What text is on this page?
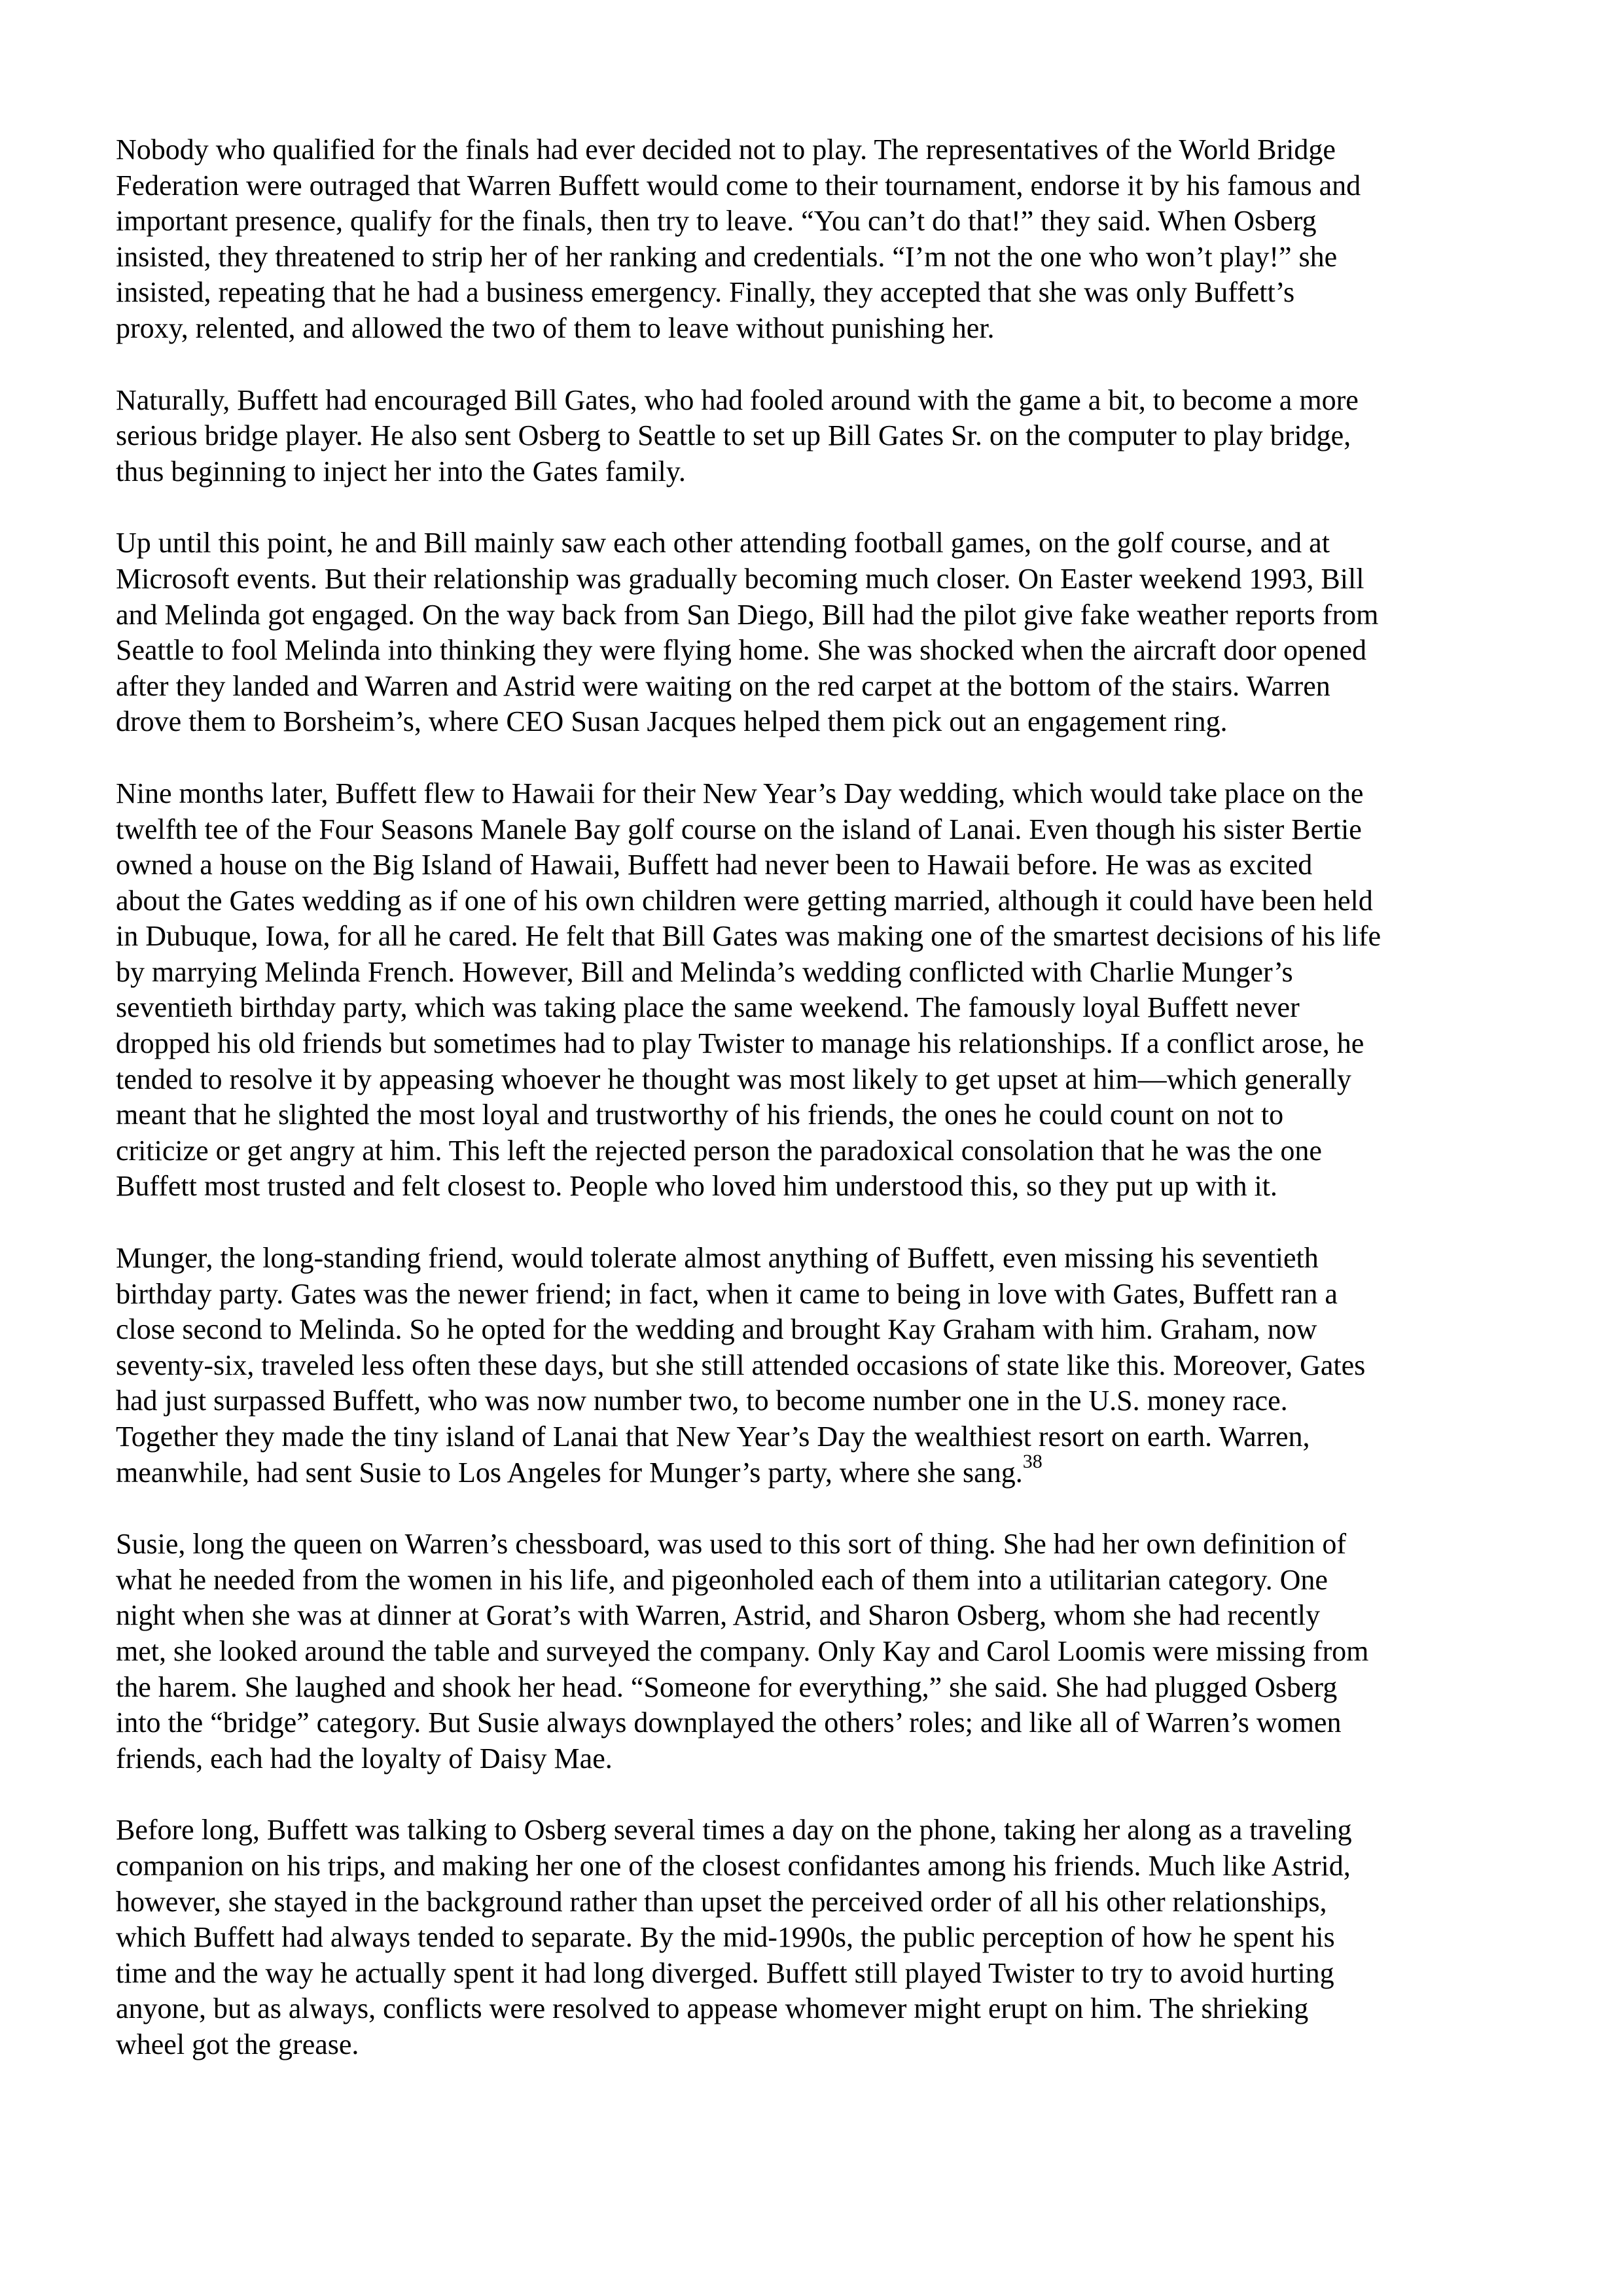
Nobody who qualified for the finals had ever decided not to play. The representatives of the World Bridge
Federation were outraged that Warren Buffett would come to their tournament, endorse it by his famous and
important presence, qualify for the finals, then try to leave. “You can’t do that!” they said. When Osberg
insisted, they threatened to strip her of her ranking and credentials. “I’m not the one who won’t play!” she
insisted, repeating that he had a business emergency. Finally, they accepted that she was only Buffett’s
proxy, relented, and allowed the two of them to leave without punishing her.
Naturally, Buffett had encouraged Bill Gates, who had fooled around with the game a bit, to become a more
serious bridge player. He also sent Osberg to Seattle to set up Bill Gates Sr. on the computer to play bridge,
thus beginning to inject her into the Gates family.
Up until this point, he and Bill mainly saw each other attending football games, on the golf course, and at
Microsoft events. But their relationship was gradually becoming much closer. On Easter weekend 1993, Bill
and Melinda got engaged. On the way back from San Diego, Bill had the pilot give fake weather reports from
Seattle to fool Melinda into thinking they were flying home. She was shocked when the aircraft door opened
after they landed and Warren and Astrid were waiting on the red carpet at the bottom of the stairs. Warren
drove them to Borsheim’s, where CEO Susan Jacques helped them pick out an engagement ring.
Nine months later, Buffett flew to Hawaii for their New Year’s Day wedding, which would take place on the
twelfth tee of the Four Seasons Manele Bay golf course on the island of Lanai. Even though his sister Bertie
owned a house on the Big Island of Hawaii, Buffett had never been to Hawaii before. He was as excited
about the Gates wedding as if one of his own children were getting married, although it could have been held
in Dubuque, Iowa, for all he cared. He felt that Bill Gates was making one of the smartest decisions of his life
by marrying Melinda French. However, Bill and Melinda’s wedding conflicted with Charlie Munger’s
seventieth birthday party, which was taking place the same weekend. The famously loyal Buffett never
dropped his old friends but sometimes had to play Twister to manage his relationships. If a conflict arose, he
tended to resolve it by appeasing whoever he thought was most likely to get upset at him—which generally
meant that he slighted the most loyal and trustworthy of his friends, the ones he could count on not to
criticize or get angry at him. This left the rejected person the paradoxical consolation that he was the one
Buffett most trusted and felt closest to. People who loved him understood this, so they put up with it.
Munger, the long-standing friend, would tolerate almost anything of Buffett, even missing his seventieth
birthday party. Gates was the newer friend; in fact, when it came to being in love with Gates, Buffett ran a
close second to Melinda. So he opted for the wedding and brought Kay Graham with him. Graham, now
seventy-six, traveled less often these days, but she still attended occasions of state like this. Moreover, Gates
had just surpassed Buffett, who was now number two, to become number one in the U.S. money race.
Together they made the tiny island of Lanai that New Year’s Day the wealthiest resort on earth. Warren,
meanwhile, had sent Susie to Los Angeles for Munger’s party, where she sang.$^{38}$
Susie, long the queen on Warren’s chessboard, was used to this sort of thing. She had her own definition of
what he needed from the women in his life, and pigeonholed each of them into a utilitarian category. One
night when she was at dinner at Gorat’s with Warren, Astrid, and Sharon Osberg, whom she had recently
met, she looked around the table and surveyed the company. Only Kay and Carol Loomis were missing from
the harem. She laughed and shook her head. “Someone for everything,” she said. She had plugged Osberg
into the “bridge” category. But Susie always downplayed the others’ roles; and like all of Warren’s women
friends, each had the loyalty of Daisy Mae.
Before long, Buffett was talking to Osberg several times a day on the phone, taking her along as a traveling
companion on his trips, and making her one of the closest confidantes among his friends. Much like Astrid,
however, she stayed in the background rather than upset the perceived order of all his other relationships,
which Buffett had always tended to separate. By the mid-1990s, the public perception of how he spent his
time and the way he actually spent it had long diverged. Buffett still played Twister to try to avoid hurting
anyone, but as always, conflicts were resolved to appease whomever might erupt on him. The shrieking
wheel got the grease.
